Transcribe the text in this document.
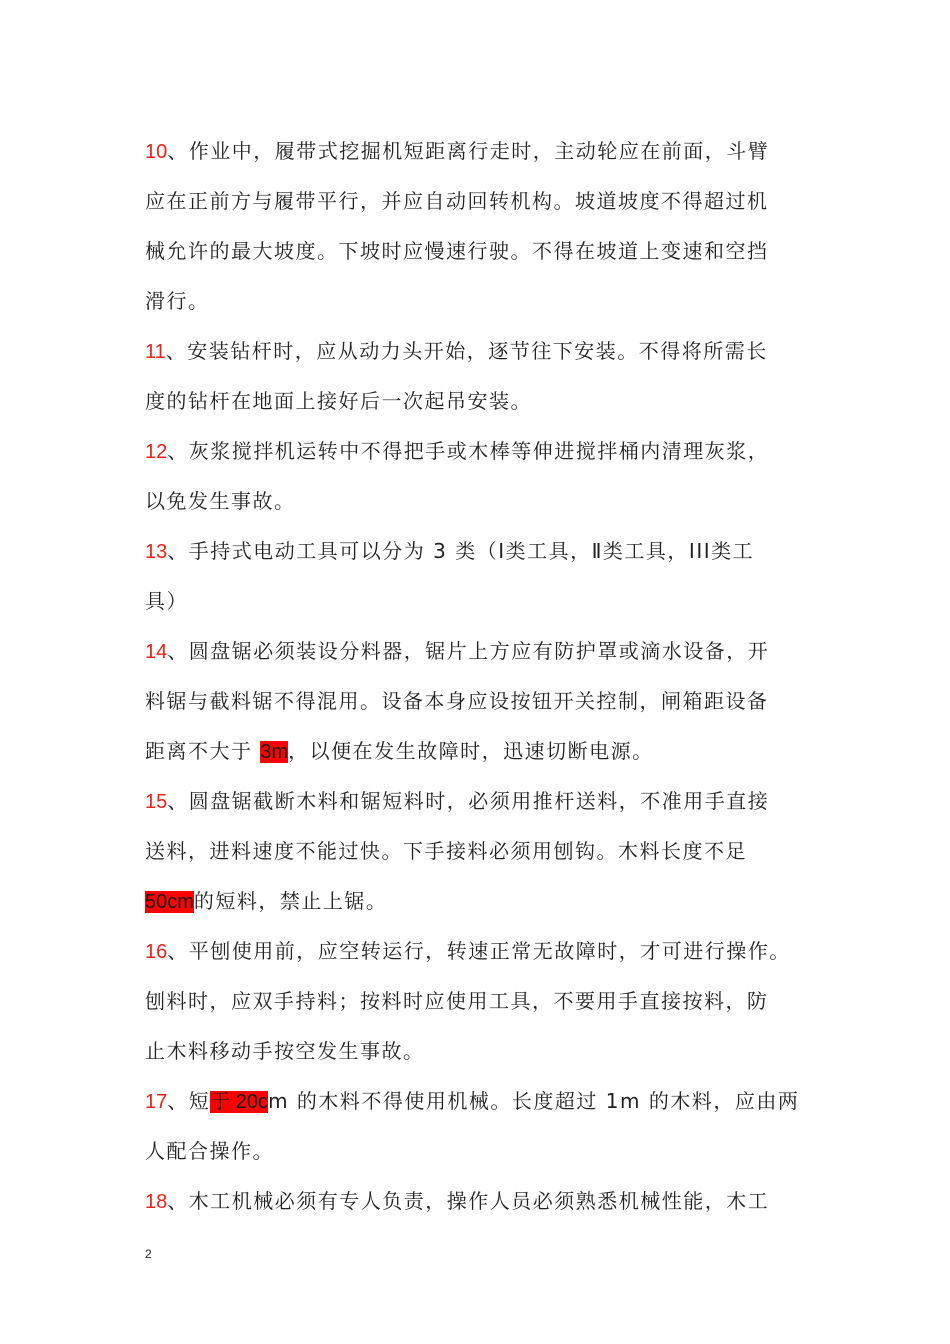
10、作业中，履带式挖掘机短距离行走时，主动轮应在前面，斗臂
应在正前方与履带平行，并应自动回转机构。坡道坡度不得超过机
械允许的最大坡度。下坡时应慢速行驶。不得在坡道上变速和空挡
滑行。
11、安装钻杆时，应从动力头开始，逐节往下安装。不得将所需长
度的钻杆在地面上接好后一次起吊安装。
12、灰浆搅拌机运转中不得把手或木棒等伸进搅拌桶内清理灰浆，
以免发生事故。
13、手持式电动工具可以分为 3 类（Ⅰ类工具，Ⅱ类工具，III类工
具）
14、圆盘锯必须装设分料器，锯片上方应有防护罩或滴水设备，开
料锯与截料锯不得混用。设备本身应设按钮开关控制，闸箱距设备
距离不大于 3m，以便在发生故障时，迅速切断电源。
15、圆盘锯截断木料和锯短料时，必须用推杆送料，不准用手直接
送料，进料速度不能过快。下手接料必须用刨钩。木料长度不足
50cm的短料，禁止上锯。
16、平刨使用前，应空转运行，转速正常无故障时，才可进行操作。
刨料时，应双手持料；按料时应使用工具，不要用手直接按料，防
止木料移动手按空发生事故。
17、短于 20cm 的木料不得使用机械。长度超过 1m 的木料，应由两
人配合操作。
18、木工机械必须有专人负责，操作人员必须熟悉机械性能，木工
2
